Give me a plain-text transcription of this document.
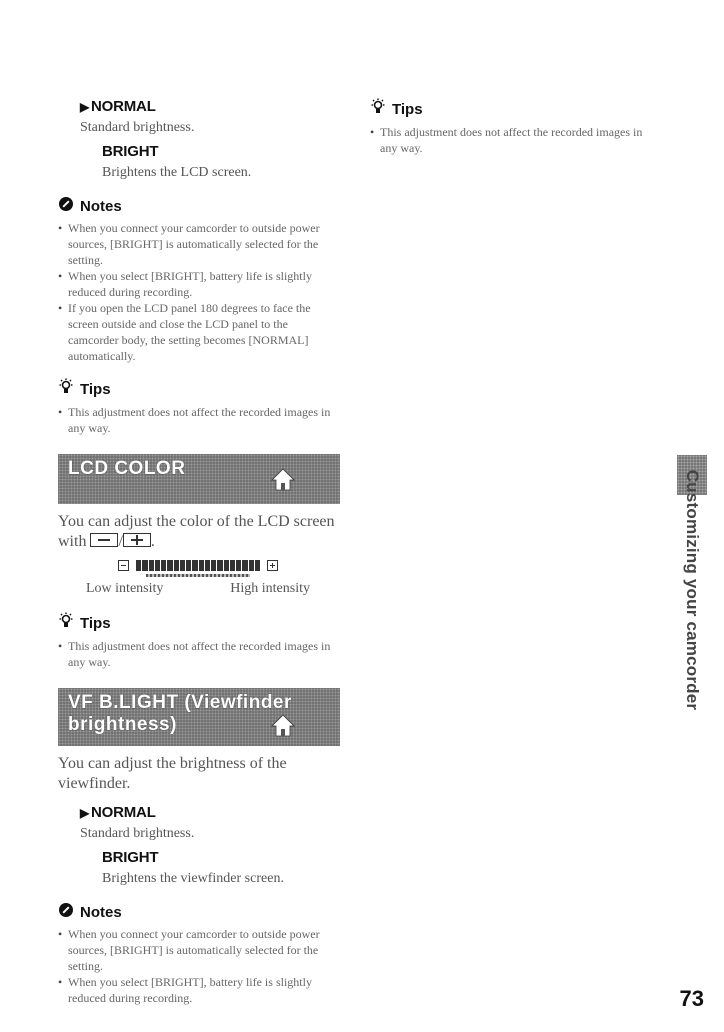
▶ NORMAL

Standard brightness.

BRIGHT

Brightens the LCD screen.

Notes
• When you connect your camcorder to outside power sources, [BRIGHT] is automatically selected for the setting.
• When you select [BRIGHT], battery life is slightly reduced during recording.
• If you open the LCD panel 180 degrees to face the screen outside and close the LCD panel to the camcorder body, the setting becomes [NORMAL] automatically.
Tips
• This adjustment does not affect the recorded images in any way.
LCD COLOR

You can adjust the color of the LCD screen with / .

Low intensity	High intensity
Tips
• This adjustment does not affect the recorded images in any way.
VF B.LIGHT (Viewfinder
brightness)

You can adjust the brightness of the viewfinder.

▶ NORMAL

Standard brightness.

BRIGHT

Brightens the viewfinder screen.

Notes
• When you connect your camcorder to outside power sources, [BRIGHT] is automatically selected for the setting.
• When you select [BRIGHT], battery life is slightly reduced during recording.
Tips
• This adjustment does not affect the recorded images in any way.
Customizing your camcorder
73
